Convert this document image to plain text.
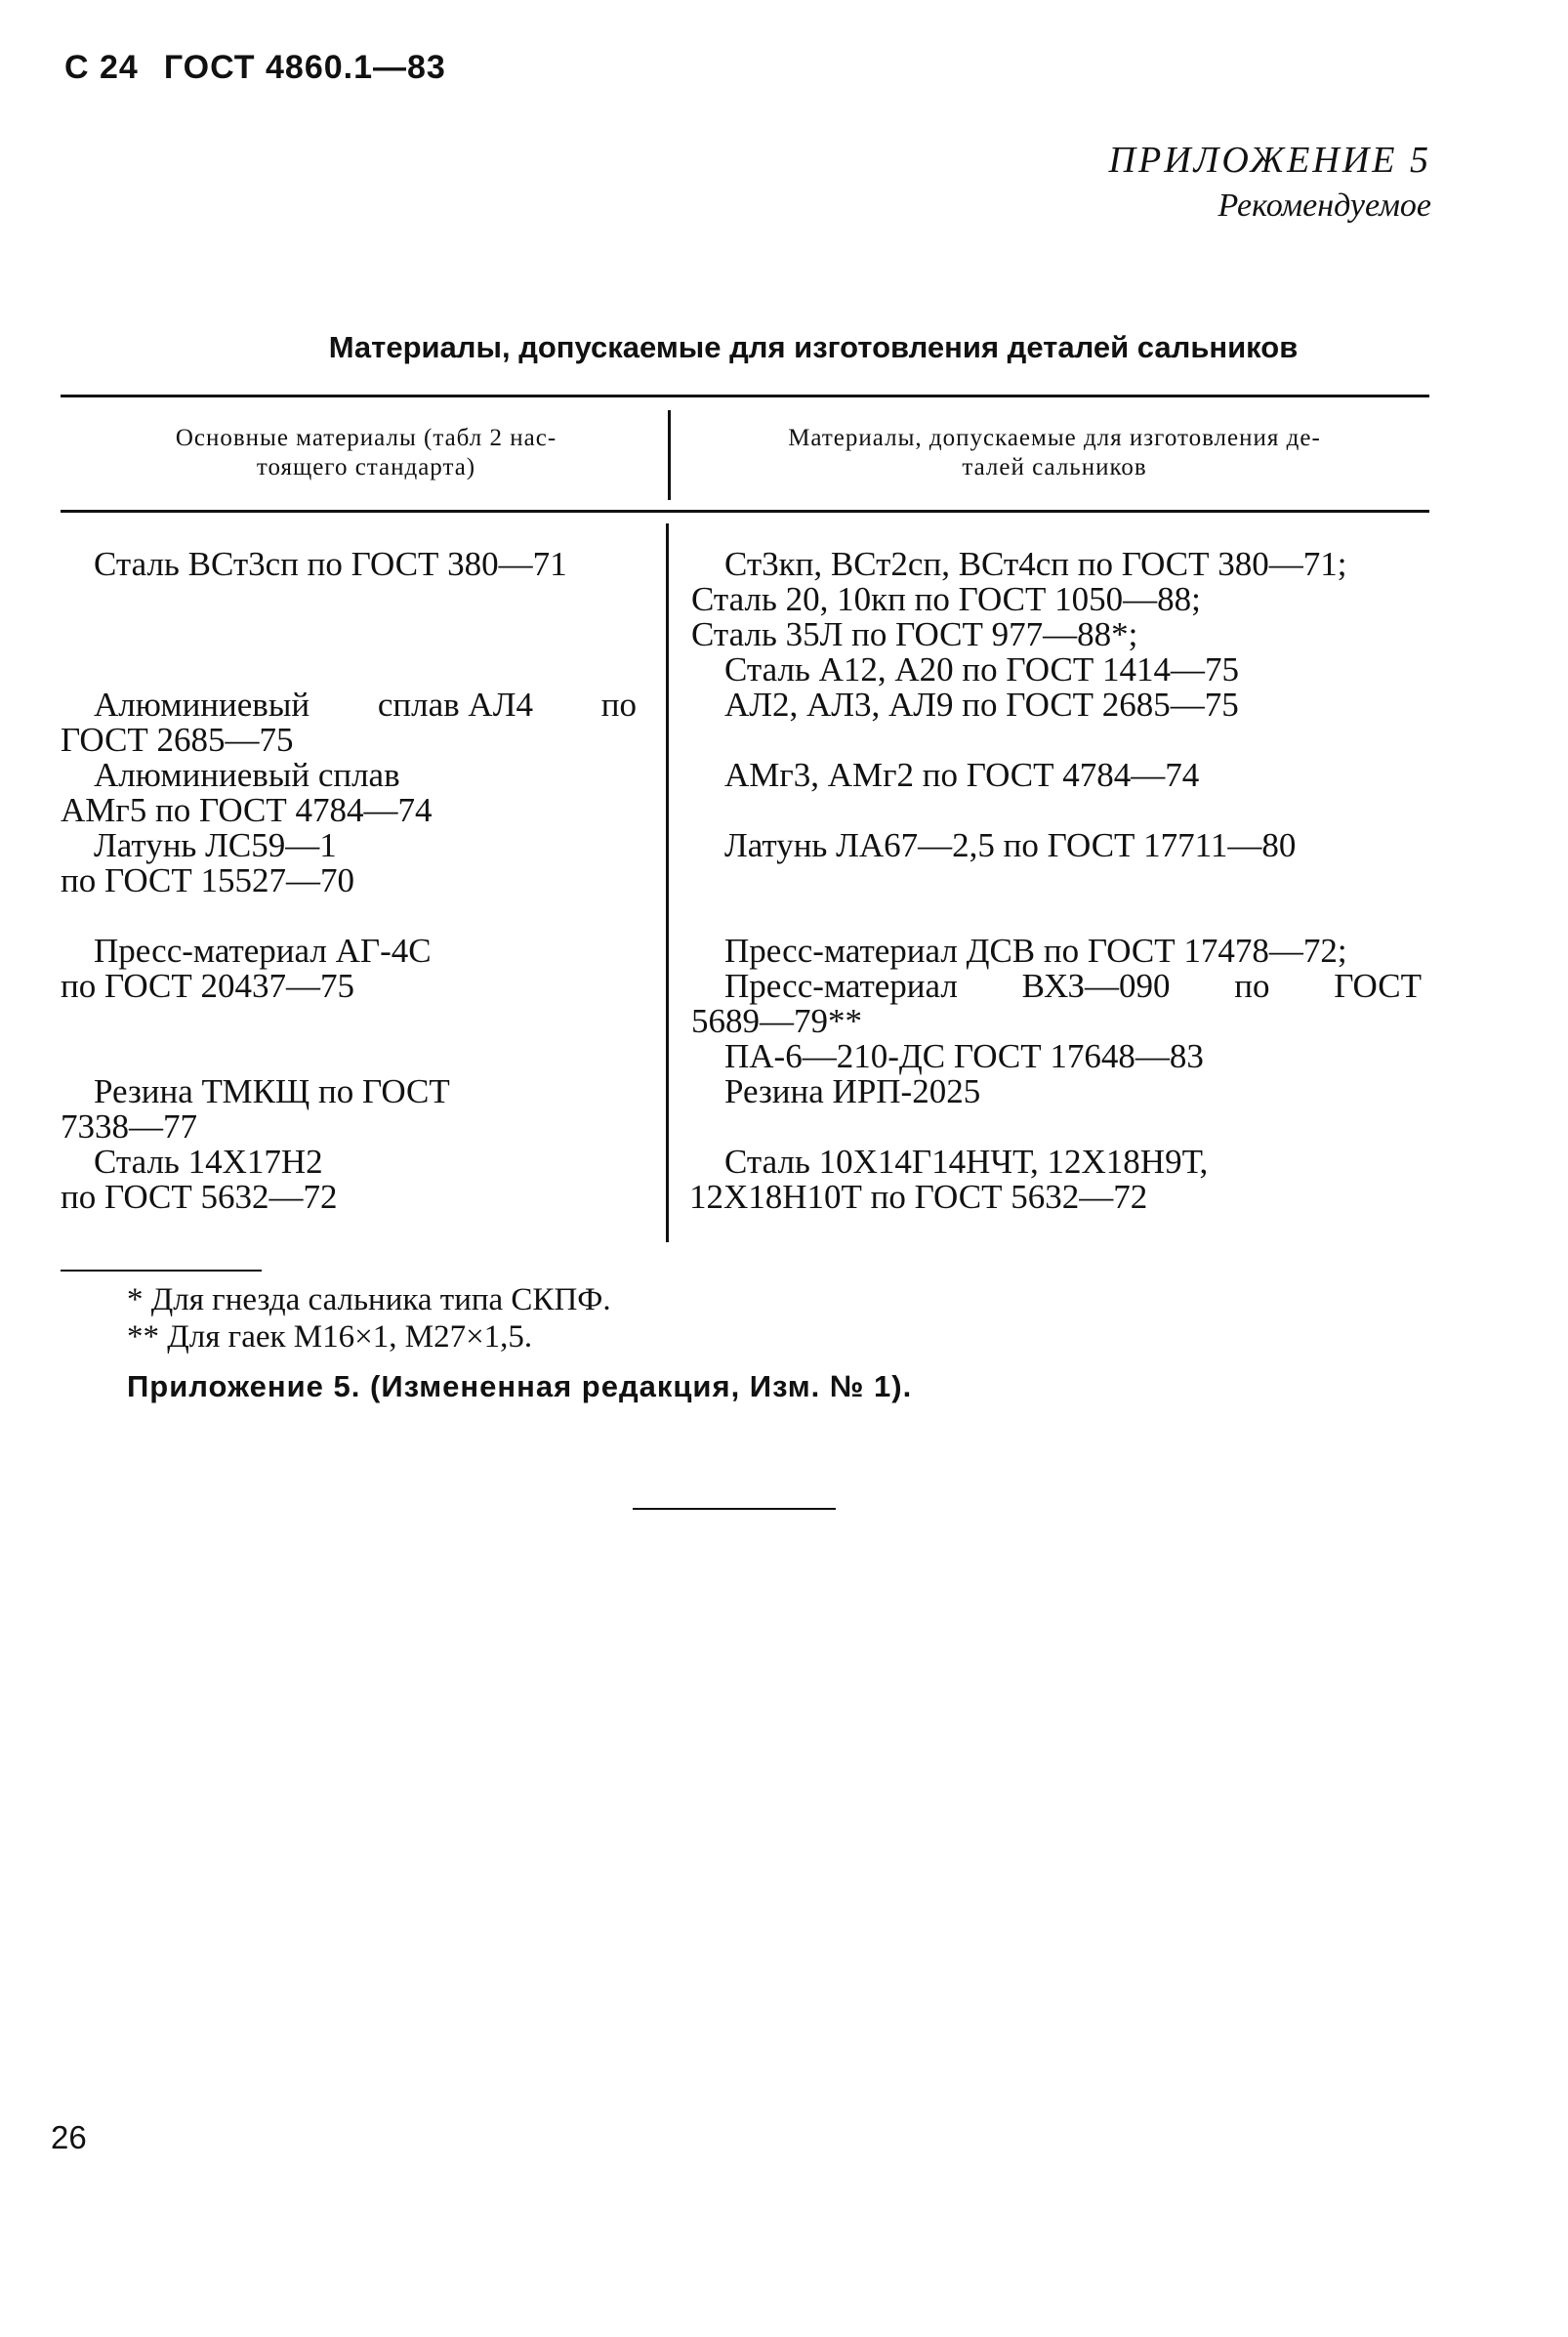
С 24 ГОСТ 4860.1—83
ПРИЛОЖЕНИЕ 5
Рекомендуемое
Материалы, допускаемые для изготовления деталей сальников
Основные материалы (табл 2 нас-
тоящего стандарта)
Материалы, допускаемые для изготовления де-
талей сальников
Сталь ВСт3сп по ГОСТ 380—71
Алюминиевый сплав АЛ4 по
ГОСТ 2685—75
Алюминиевый сплав
АМг5 по ГОСТ 4784—74
Латунь ЛС59—1
по ГОСТ 15527—70
Пресс-материал АГ-4С
по ГОСТ 20437—75
Резина ТМКЩ по ГОСТ
7338—77
Сталь 14Х17Н2
по ГОСТ 5632—72
Ст3кп, ВСт2сп, ВСт4сп по ГОСТ 380—71;
Сталь 20, 10кп по ГОСТ 1050—88;
Сталь 35Л по ГОСТ 977—88*;
Сталь А12, А20 по ГОСТ 1414—75
АЛ2, АЛ3, АЛ9 по ГОСТ 2685—75
АМг3, АМг2 по ГОСТ 4784—74
Латунь ЛА67—2,5 по ГОСТ 17711—80
Пресс-материал ДСВ по ГОСТ 17478—72;
Пресс-материал ВХЗ—090 по ГОСТ
5689—79**
ПА-6—210-ДС ГОСТ 17648—83
Резина ИРП-2025
Сталь 10Х14Г14НЧТ, 12Х18Н9Т,
12Х18Н10Т по ГОСТ 5632—72
* Для гнезда сальника типа СКПФ.
** Для гаек М16×1, М27×1,5.
Приложение 5. (Измененная редакция, Изм. № 1).
26
